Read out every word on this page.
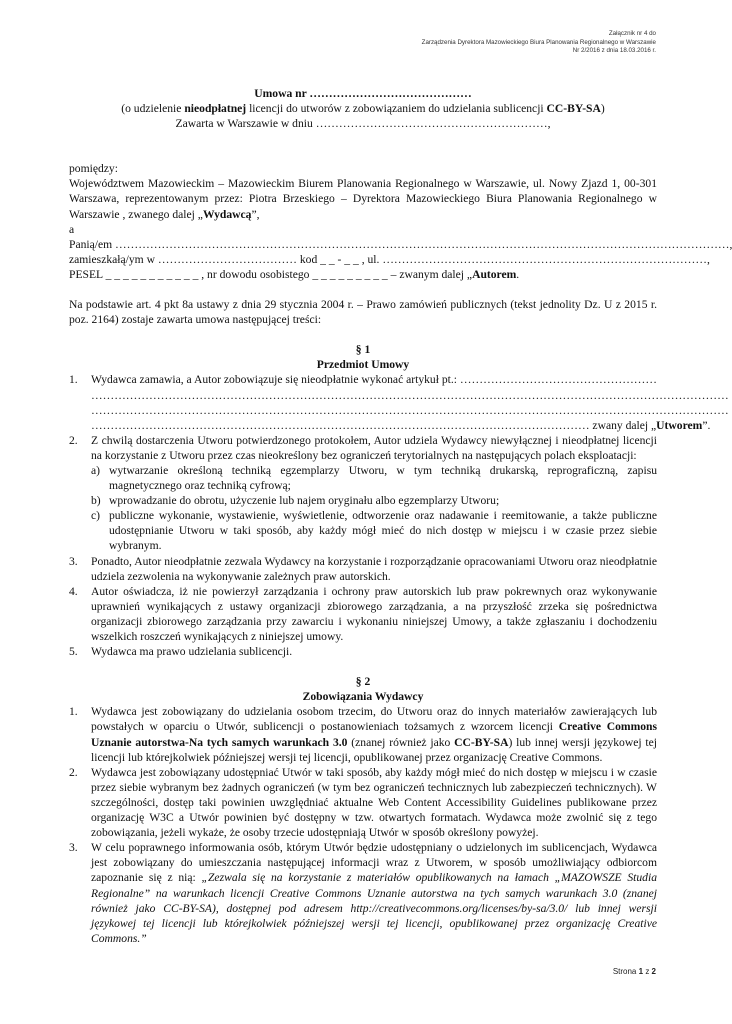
Załącznik nr 4 do
Zarządzenia Dyrektora Mazowieckiego Biura Planowania Regionalnego w Warszawie
Nr 2/2016 z dnia 18.03.2016 r.
Umowa nr ……………………………………
(o udzielenie nieodpłatnej licencji do utworów z zobowiązaniem do udzielania sublicencji CC-BY-SA)
Zawarta w Warszawie w dniu ……………………………………………………,
pomiędzy:
Województwem Mazowieckim – Mazowieckim Biurem Planowania Regionalnego w Warszawie, ul. Nowy Zjazd 1, 00-301 Warszawa, reprezentowanym przez: Piotra Brzeskiego – Dyrektora Mazowieckiego Biura Planowania Regionalnego w Warszawie , zwanego dalej „Wydawcą”,
a
Panią/em ……………………………………………………………………………………………………………………………………………,
zamieszkałą/ym w ……………………………… kod _ _ - _ _ , ul. …………………………………………………………………………,
PESEL _ _ _ _ _ _ _ _ _ _ _ , nr dowodu osobistego _ _ _ _ _ _ _ _ _ – zwanym dalej „Autorem.
Na podstawie art. 4 pkt 8a ustawy z dnia 29 stycznia 2004 r. – Prawo zamówień publicznych (tekst jednolity Dz. U z 2015 r. poz. 2164) zostaje zawarta umowa następującej treści:
§ 1
Przedmiot Umowy
1. Wydawca zamawia, a Autor zobowiązuje się nieodpłatnie wykonać artykuł pt.: ……………………………………………
…………………………………………………………………………………………………………………………………………………
…………………………………………………………………………………………………………………………………………………
………………………………………………………………………………………………………………… zwany dalej „Utworem”.
2. Z chwilą dostarczenia Utworu potwierdzonego protokołem, Autor udziela Wydawcy niewyłącznej i nieodpłatnej licencji na korzystanie z Utworu przez czas nieokreślony bez ograniczeń terytorialnych na następujących polach eksploatacji:
a) wytwarzanie określoną techniką egzemplarzy Utworu, w tym techniką drukarską, reprograficzną, zapisu magnetycznego oraz techniką cyfrową;
b) wprowadzanie do obrotu, użyczenie lub najem oryginału albo egzemplarzy Utworu;
c) publiczne wykonanie, wystawienie, wyświetlenie, odtworzenie oraz nadawanie i reemitowanie, a także publiczne udostępnianie Utworu w taki sposób, aby każdy mógł mieć do nich dostęp w miejscu i w czasie przez siebie wybranym.
3. Ponadto, Autor nieodpłatnie zezwala Wydawcy na korzystanie i rozporządzanie opracowaniami Utworu oraz nieodpłatnie udziela zezwolenia na wykonywanie zależnych praw autorskich.
4. Autor oświadcza, iż nie powierzył zarządzania i ochrony praw autorskich lub praw pokrewnych oraz wykonywanie uprawnień wynikających z ustawy organizacji zbiorowego zarządzania, a na przyszłość zrzeka się pośrednictwa organizacji zbiorowego zarządzania przy zawarciu i wykonaniu niniejszej Umowy, a także zgłaszaniu i dochodzeniu wszelkich roszczeń wynikających z niniejszej umowy.
5. Wydawca ma prawo udzielania sublicencji.
§ 2
Zobowiązania Wydawcy
1. Wydawca jest zobowiązany do udzielania osobom trzecim, do Utworu oraz do innych materiałów zawierających lub powstałych w oparciu o Utwór, sublicencji o postanowieniach tożsamych z wzorcem licencji Creative Commons Uznanie autorstwa-Na tych samych warunkach 3.0 (znanej również jako CC-BY-SA) lub innej wersji językowej tej licencji lub którejkolwiek późniejszej wersji tej licencji, opublikowanej przez organizację Creative Commons.
2. Wydawca jest zobowiązany udostępniać Utwór w taki sposób, aby każdy mógł mieć do nich dostęp w miejscu i w czasie przez siebie wybranym bez żadnych ograniczeń (w tym bez ograniczeń technicznych lub zabezpieczeń technicznych). W szczególności, dostęp taki powinien uwzględniać aktualne Web Content Accessibility Guidelines publikowane przez organizację W3C a Utwór powinien być dostępny w tzw. otwartych formatach. Wydawca może zwolnić się z tego zobowiązania, jeżeli wykaże, że osoby trzecie udostępniają Utwór w sposób określony powyżej.
3. W celu poprawnego informowania osób, którym Utwór będzie udostępniany o udzielonych im sublicencjach, Wydawca jest zobowiązany do umieszczania następującej informacji wraz z Utworem, w sposób umożliwiający odbiorcom zapoznanie się z nią: „Zezwala się na korzystanie z materiałów opublikowanych na łamach „MAZOWSZE Studia Regionalne” na warunkach licencji Creative Commons Uznanie autorstwa na tych samych warunkach 3.0 (znanej również jako CC-BY-SA), dostępnej pod adresem http://creativecommons.org/licenses/by-sa/3.0/ lub innej wersji językowej tej licencji lub którejkolwiek późniejszej wersji tej licencji, opublikowanej przez organizację Creative Commons.”
Strona 1 z 2
